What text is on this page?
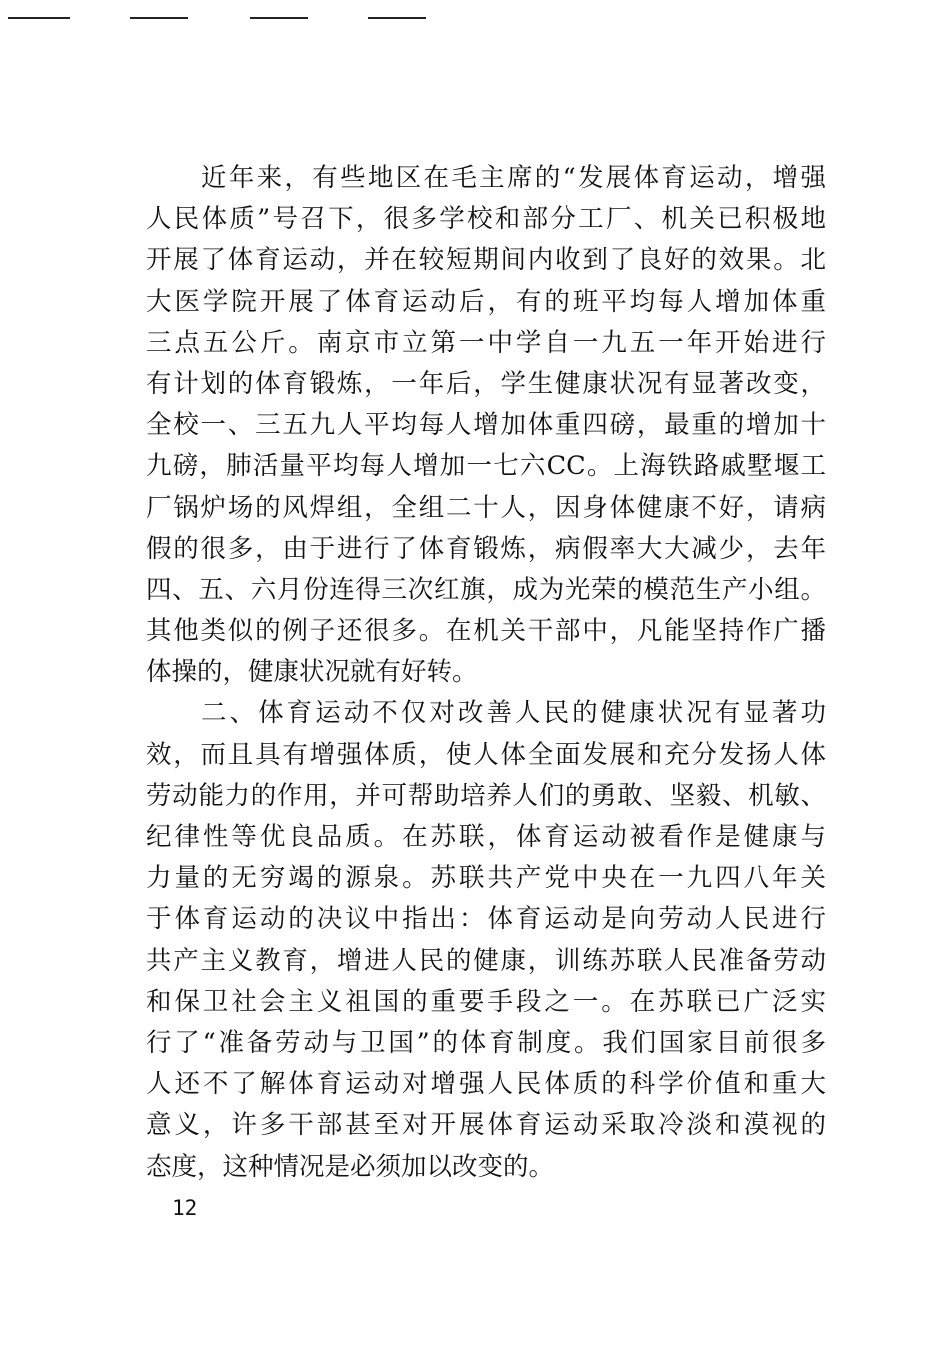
近年来，有些地区在毛主席的“发展体育运动，增强
人民体质”号召下，很多学校和部分工厂、机关已积极地
开展了体育运动，并在较短期间内收到了良好的效果。北
大医学院开展了体育运动后，有的班平均每人增加体重
三点五公斤。南京市立第一中学自一九五一年开始进行
有计划的体育锻炼，一年后，学生健康状况有显著改变，
全校一、三五九人平均每人增加体重四磅，最重的增加十
九磅，肺活量平均每人增加一七六CC。上海铁路戚墅堰工
厂锅炉场的风焊组，全组二十人，因身体健康不好，请病
假的很多，由于进行了体育锻炼，病假率大大减少，去年
四、五、六月份连得三次红旗，成为光荣的模范生产小组。
其他类似的例子还很多。在机关干部中，凡能坚持作广播
体操的，健康状况就有好转。
二、体育运动不仅对改善人民的健康状况有显著功
效，而且具有增强体质，使人体全面发展和充分发扬人体
劳动能力的作用，并可帮助培养人们的勇敢、坚毅、机敏、
纪律性等优良品质。在苏联，体育运动被看作是健康与
力量的无穷竭的源泉。苏联共产党中央在一九四八年关
于体育运动的决议中指出：体育运动是向劳动人民进行
共产主义教育，增进人民的健康，训练苏联人民准备劳动
和保卫社会主义祖国的重要手段之一。在苏联已广泛实
行了“准备劳动与卫国”的体育制度。我们国家目前很多
人还不了解体育运动对增强人民体质的科学价值和重大
意义，许多干部甚至对开展体育运动采取冷淡和漠视的
态度，这种情况是必须加以改变的。
12
